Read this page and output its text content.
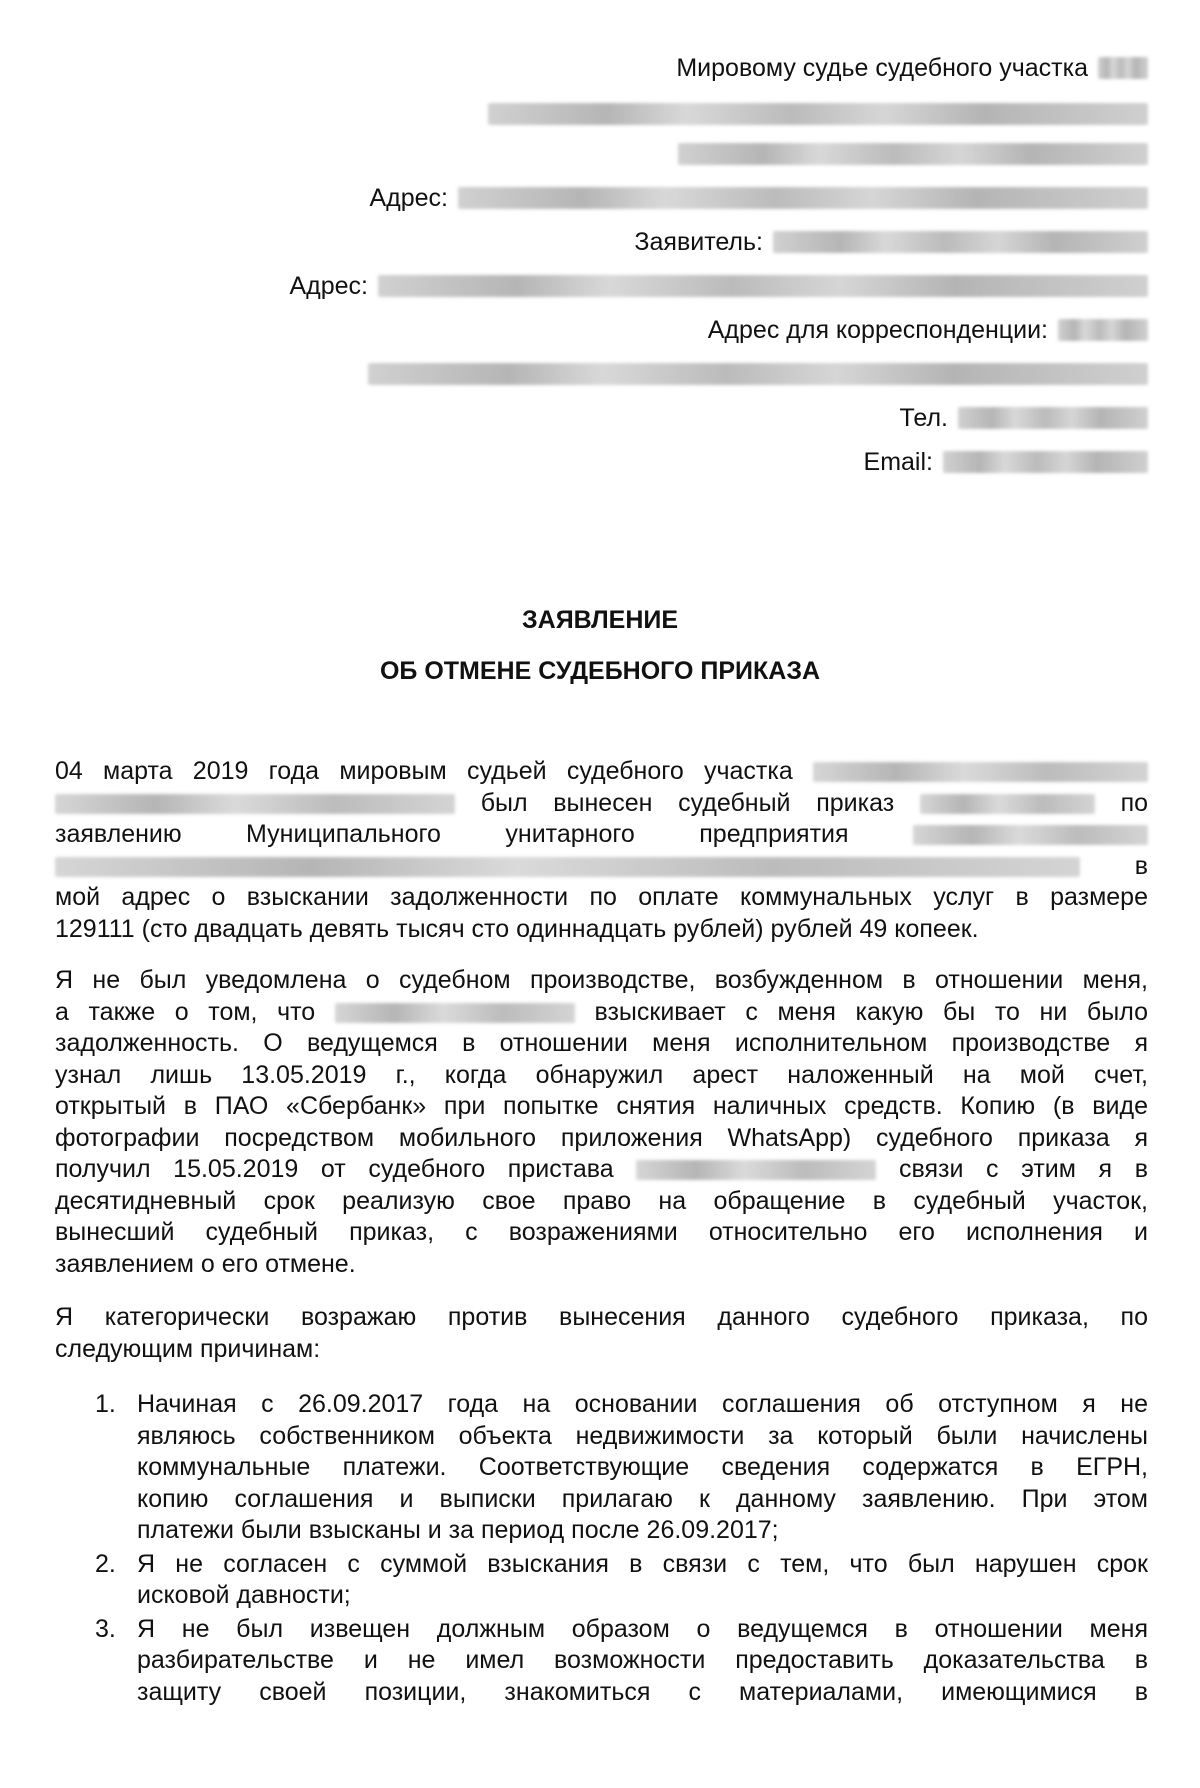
Мировому судье судебного участка
Адрес:
Заявитель:
Адрес:
Адрес для корреспонденции:
Тел.
Email:
ЗАЯВЛЕНИЕ
ОБ ОТМЕНЕ СУДЕБНОГО ПРИКАЗА
04 марта 2019 года мировым судьей судебного участка
был вынесен судебный приказ	по
заявлению Муниципального унитарного предприятия
в
мой адрес о взыскании задолженности по оплате коммунальных услуг в размере
129111 (сто двадцать девять тысяч сто одиннадцать рублей) рублей 49 копеек.
Я не был уведомлена о судебном производстве, возбужденном в отношении меня,
а также о том, что	взыскивает с меня какую бы то ни было
задолженность. О ведущемся в отношении меня исполнительном производстве я
узнал лишь 13.05.2019 г., когда обнаружил арест наложенный на мой счет,
открытый в ПАО «Сбербанк» при попытке снятия наличных средств. Копию (в виде
фотографии посредством мобильного приложения WhatsApp) судебного приказа я
получил 15.05.2019 от судебного пристава	связи с этим я в
десятидневный срок реализую свое право на обращение в судебный участок,
вынесший судебный приказ, с возражениями относительно его исполнения и
заявлением о его отмене.
Я категорически возражаю против вынесения данного судебного приказа, по
следующим причинам:
1. Начиная с 26.09.2017 года на основании соглашения об отступном я не
являюсь собственником объекта недвижимости за который были начислены
коммунальные платежи. Соответствующие сведения содержатся в ЕГРН,
копию соглашения и выписки прилагаю к данному заявлению. При этом
платежи были взысканы и за период после 26.09.2017;
2. Я не согласен с суммой взыскания в связи с тем, что был нарушен срок
исковой давности;
3. Я не был извещен должным образом о ведущемся в отношении меня
разбирательстве и не имел возможности предоставить доказательства в
защиту своей позиции, знакомиться с материалами, имеющимися в
